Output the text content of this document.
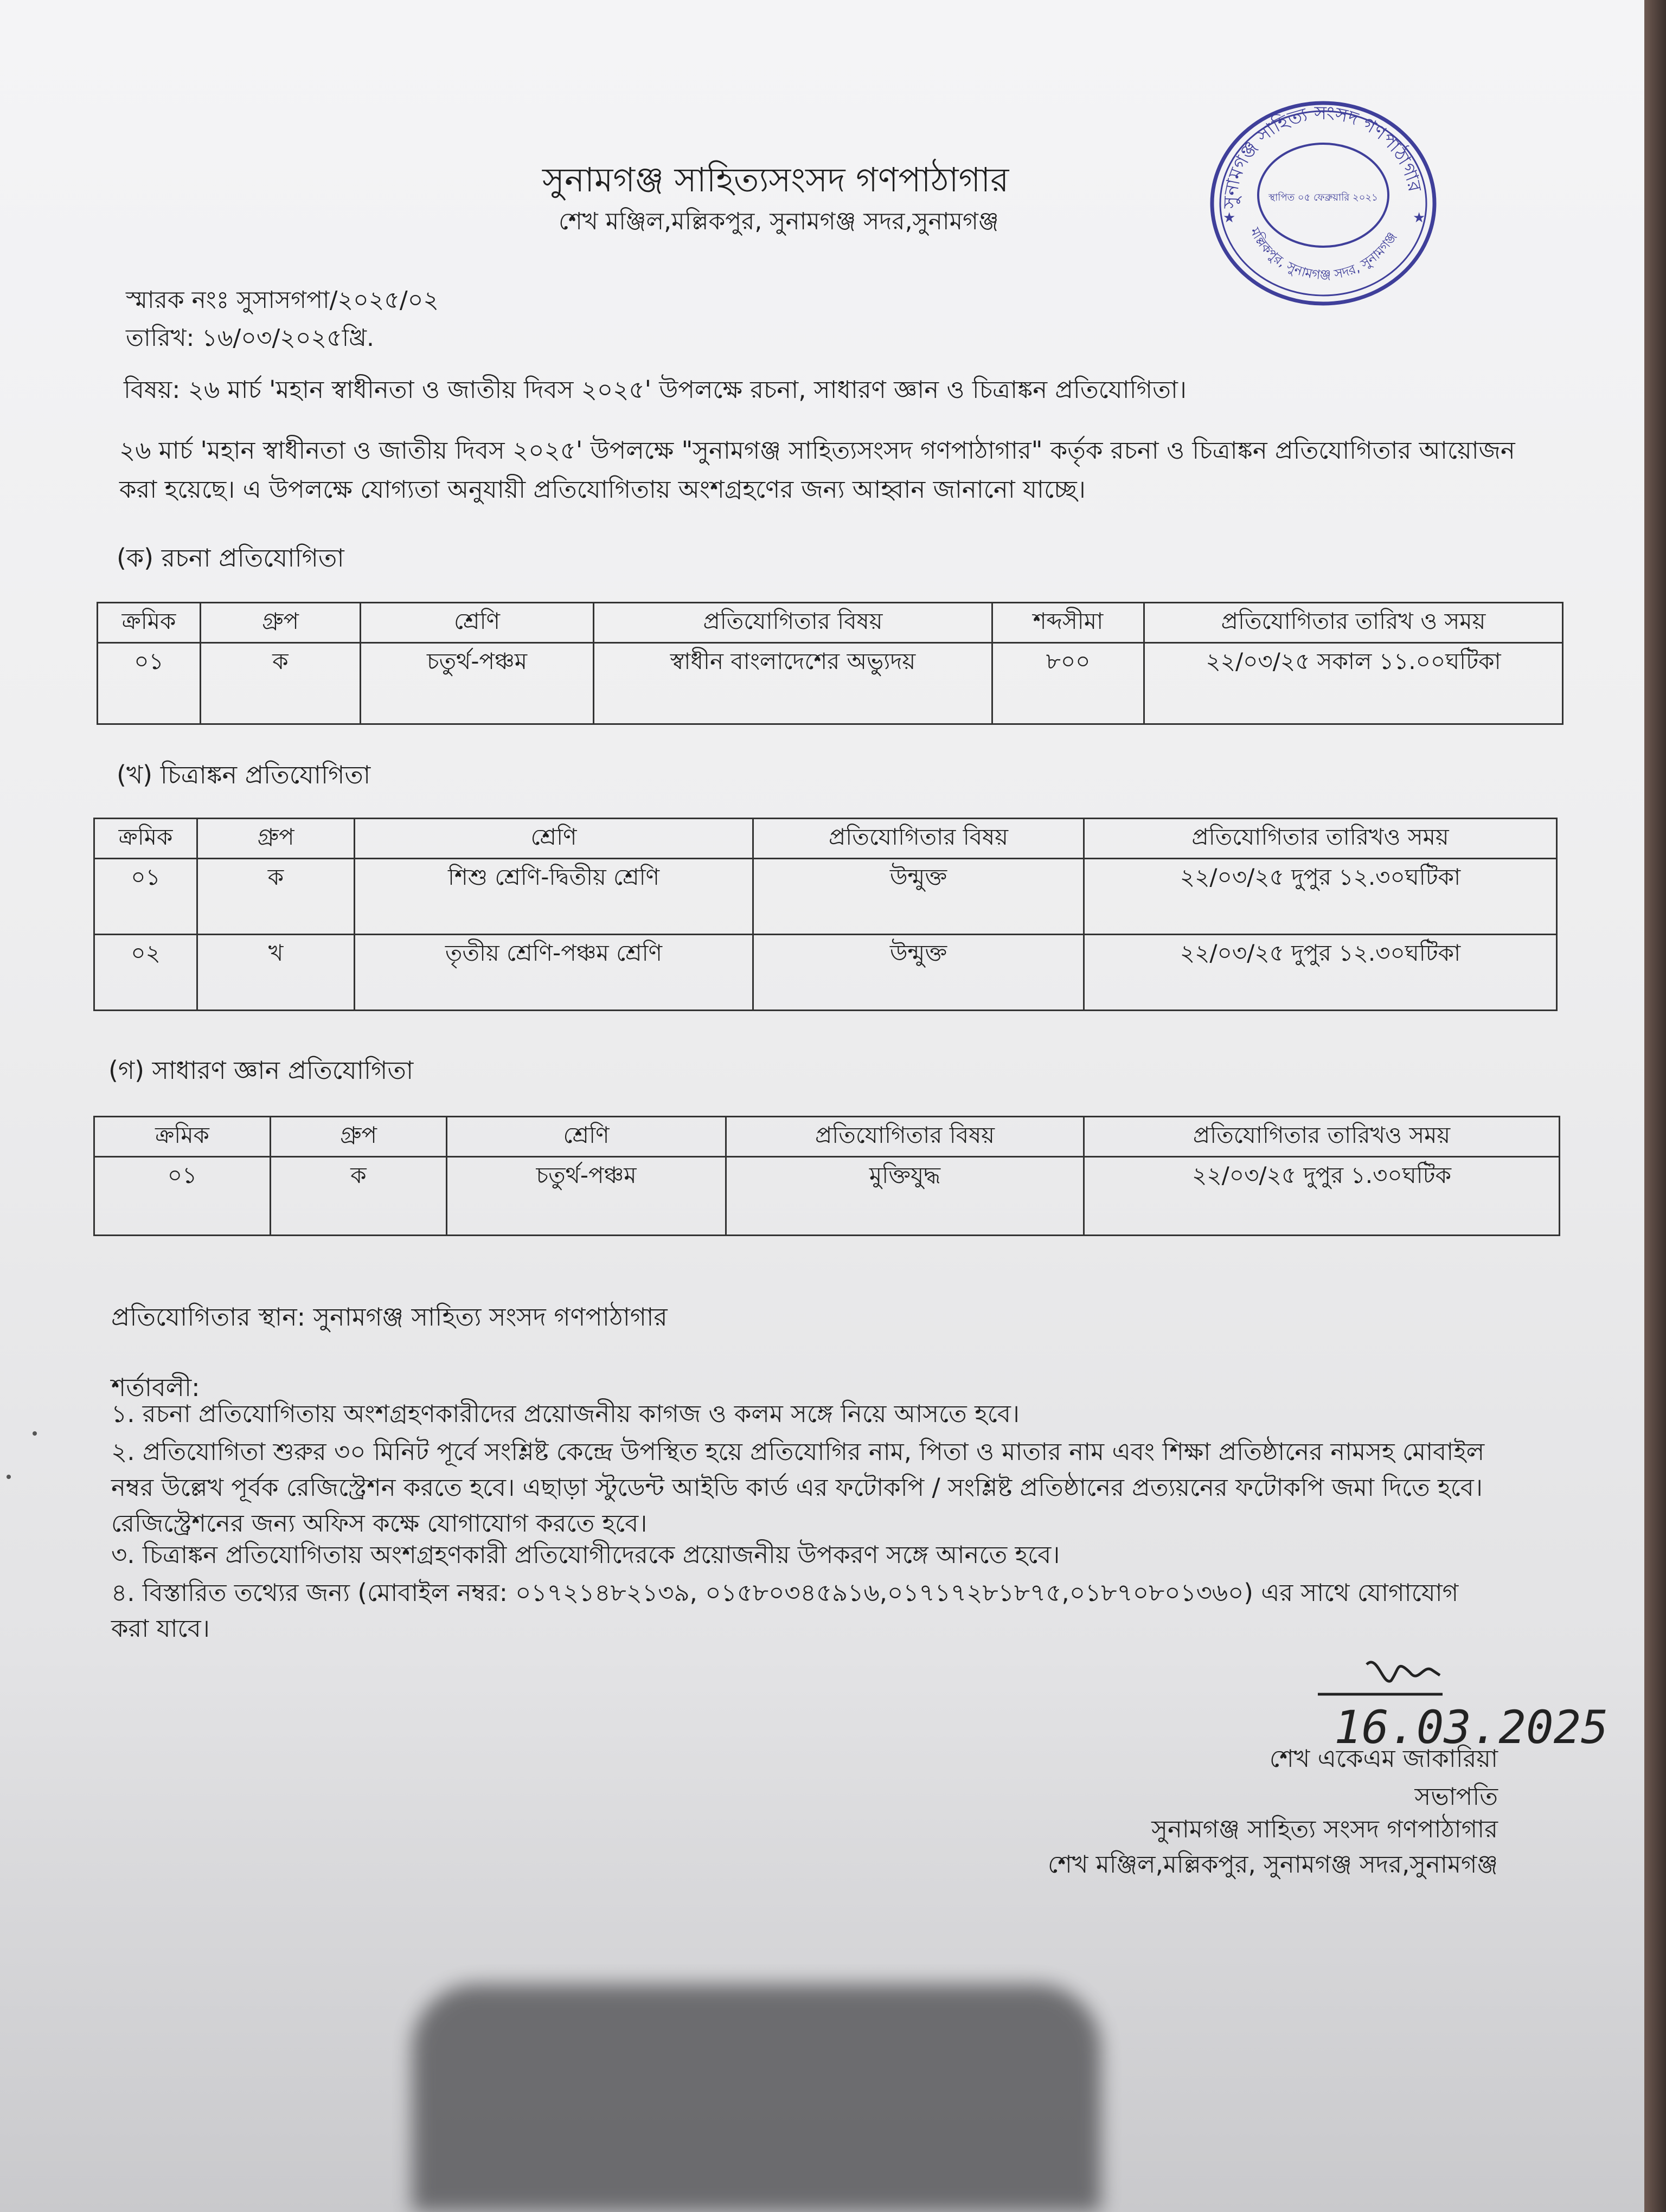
সুনামগঞ্জ সাহিত্যসংসদ গণপাঠাগার
শেখ মঞ্জিল,মল্লিকপুর, সুনামগঞ্জ সদর,সুনামগঞ্জ
সুনামগঞ্জ সাহিত্য সংসদ গণপাঠাগার
স্থাপিত ০৫ ফেব্রুয়ারি ২০২১
মল্লিকপুর, সুনামগঞ্জ সদর, সুনামগঞ্জ
★	★
স্মারক নংঃ সুসাসগপা/২০২৫/০২
তারিখ: ১৬/০৩/২০২৫খ্রি.
বিষয়: ২৬ মার্চ 'মহান স্বাধীনতা ও জাতীয় দিবস ২০২৫' উপলক্ষে রচনা, সাধারণ জ্ঞান ও চিত্রাঙ্কন প্রতিযোগিতা।
২৬ মার্চ 'মহান স্বাধীনতা ও জাতীয় দিবস ২০২৫' উপলক্ষে "সুনামগঞ্জ সাহিত্যসংসদ গণপাঠাগার" কর্তৃক রচনা ও চিত্রাঙ্কন প্রতিযোগিতার আয়োজন করা হয়েছে। এ উপলক্ষে যোগ্যতা অনুযায়ী প্রতিযোগিতায় অংশগ্রহণের জন্য আহ্বান জানানো যাচ্ছে।
(ক) রচনা প্রতিযোগিতা
ক্রমিক	গ্রুপ	শ্রেণি	প্রতিযোগিতার বিষয়	শব্দসীমা	প্রতিযোগিতার তারিখ ও সময়
০১	ক	চতুর্থ-পঞ্চম	স্বাধীন বাংলাদেশের অভ্যুদয়	৮০০	২২/০৩/২৫ সকাল ১১.০০ঘটিকা
(খ) চিত্রাঙ্কন প্রতিযোগিতা
ক্রমিক	গ্রুপ	শ্রেণি	প্রতিযোগিতার বিষয়	প্রতিযোগিতার তারিখও সময়
০১	ক	শিশু শ্রেণি-দ্বিতীয় শ্রেণি	উন্মুক্ত	২২/০৩/২৫ দুপুর ১২.৩০ঘটিকা
০২	খ	তৃতীয় শ্রেণি-পঞ্চম শ্রেণি	উন্মুক্ত	২২/০৩/২৫ দুপুর ১২.৩০ঘটিকা
(গ) সাধারণ জ্ঞান প্রতিযোগিতা
ক্রমিক	গ্রুপ	শ্রেণি	প্রতিযোগিতার বিষয়	প্রতিযোগিতার তারিখও সময়
০১	ক	চতুর্থ-পঞ্চম	মুক্তিযুদ্ধ	২২/০৩/২৫ দুপুর ১.৩০ঘটিক
প্রতিযোগিতার স্থান: সুনামগঞ্জ সাহিত্য সংসদ গণপাঠাগার
শর্তাবলী:
১. রচনা প্রতিযোগিতায় অংশগ্রহণকারীদের প্রয়োজনীয় কাগজ ও কলম সঙ্গে নিয়ে আসতে হবে।
২. প্রতিযোগিতা শুরুর ৩০ মিনিট পূর্বে সংশ্লিষ্ট কেন্দ্রে উপস্থিত হয়ে প্রতিযোগির নাম, পিতা ও মাতার নাম এবং শিক্ষা প্রতিষ্ঠানের নামসহ মোবাইল নম্বর উল্লেখ পূর্বক রেজিস্ট্রেশন করতে হবে। এছাড়া স্টুডেন্ট আইডি কার্ড এর ফটোকপি / সংশ্লিষ্ট প্রতিষ্ঠানের প্রত্যয়নের ফটোকপি জমা দিতে হবে। রেজিস্ট্রেশনের জন্য অফিস কক্ষে যোগাযোগ করতে হবে।
৩. চিত্রাঙ্কন প্রতিযোগিতায় অংশগ্রহণকারী প্রতিযোগীদেরকে প্রয়োজনীয় উপকরণ সঙ্গে আনতে হবে।
৪. বিস্তারিত তথ্যের জন্য (মোবাইল নম্বর: ০১৭২১৪৮২১৩৯, ০১৫৮০৩৪৫৯১৬,০১৭১৭২৮১৮৭৫,০১৮৭০৮০১৩৬০) এর সাথে যোগাযোগ করা যাবে।
16.03.2025
শেখ একেএম জাকারিয়া
সভাপতি
সুনামগঞ্জ সাহিত্য সংসদ গণপাঠাগার
শেখ মঞ্জিল,মল্লিকপুর, সুনামগঞ্জ সদর,সুনামগঞ্জ
